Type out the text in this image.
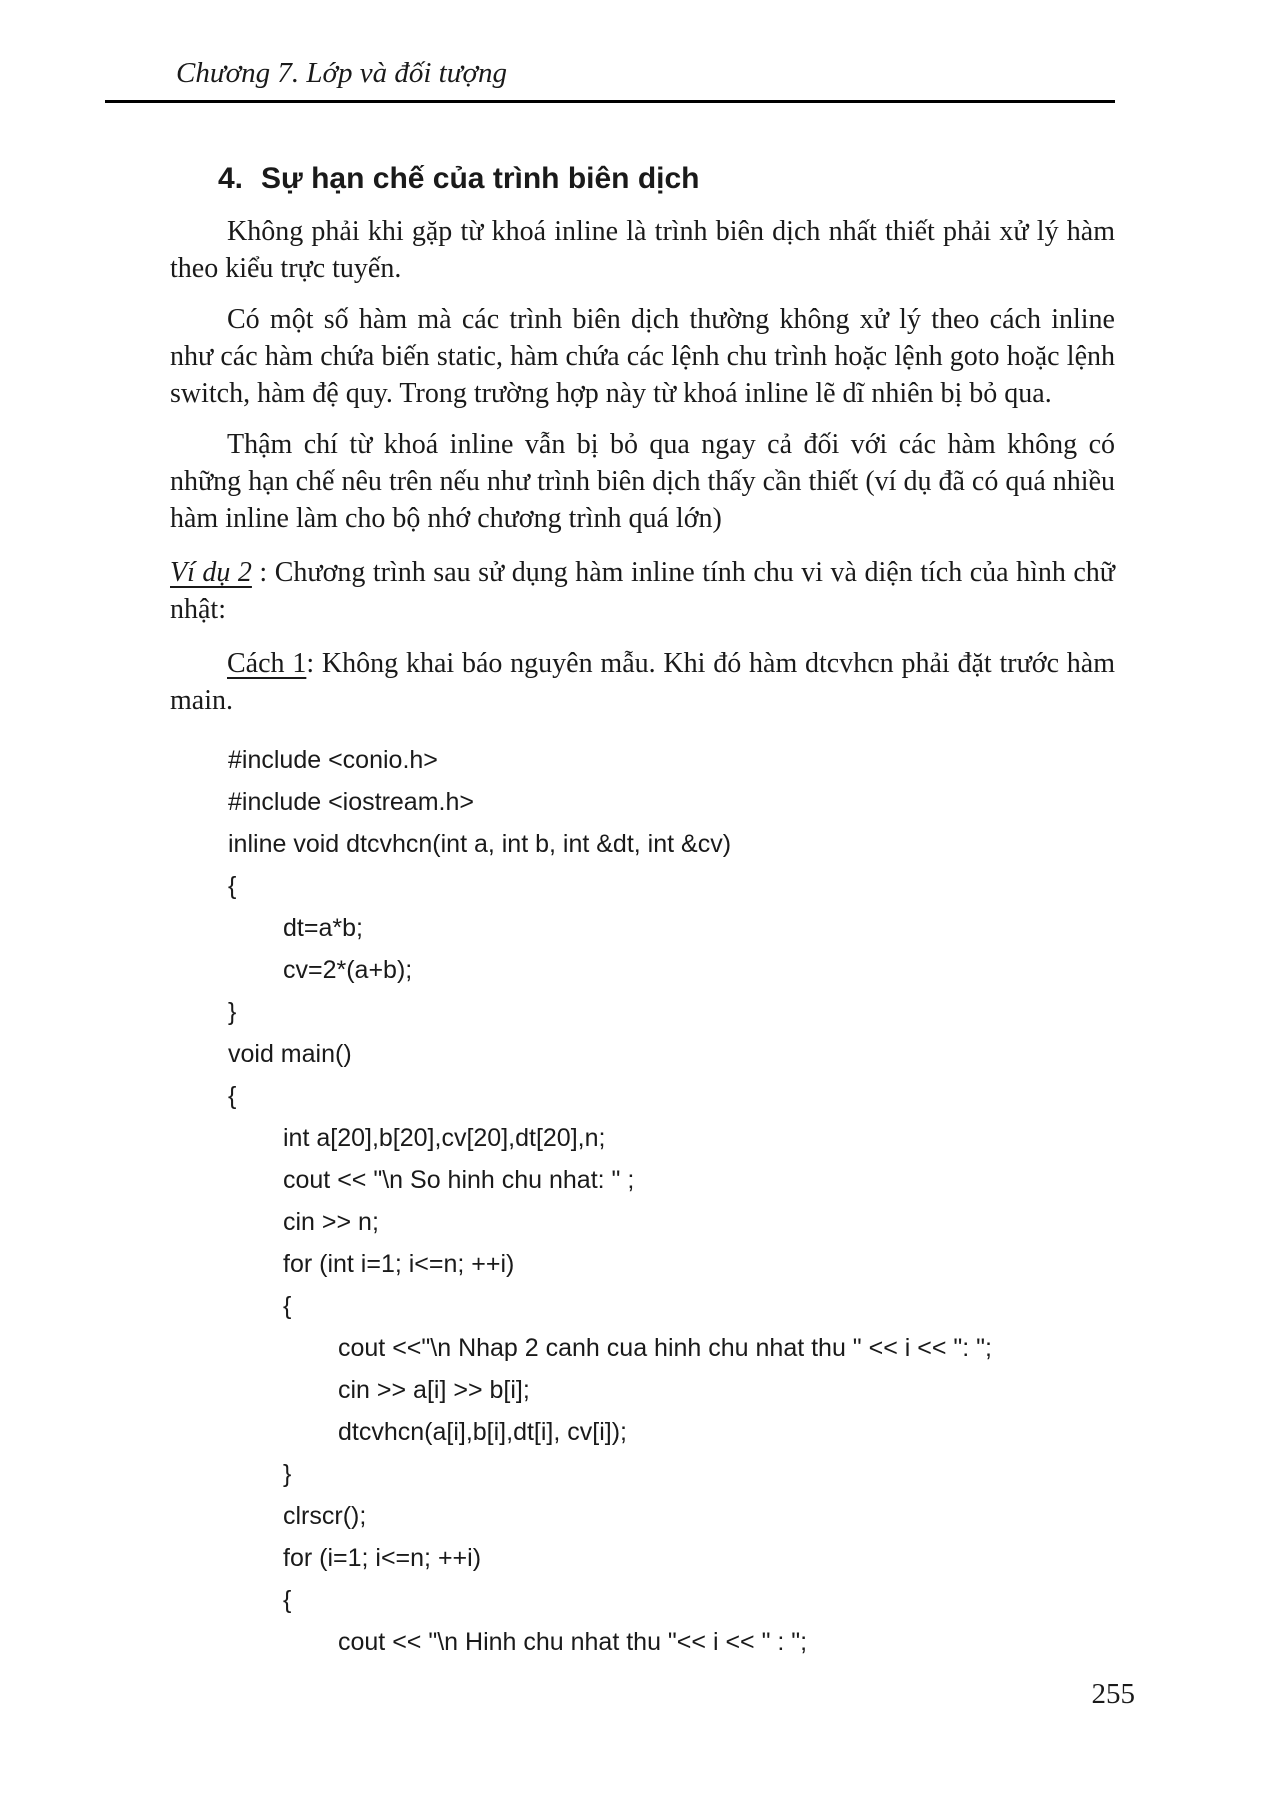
Chương 7. Lớp và đối tượng
4. Sự hạn chế của trình biên dịch

Không phải khi gặp từ khoá inline là trình biên dịch nhất thiết phải xử lý hàm theo kiểu trực tuyến.

Có một số hàm mà các trình biên dịch thường không xử lý theo cách inline như các hàm chứa biến static, hàm chứa các lệnh chu trình hoặc lệnh goto hoặc lệnh switch, hàm đệ quy. Trong trường hợp này từ khoá inline lẽ dĩ nhiên bị bỏ qua.

Thậm chí từ khoá inline vẫn bị bỏ qua ngay cả đối với các hàm không có những hạn chế nêu trên nếu như trình biên dịch thấy cần thiết (ví dụ đã có quá nhiều hàm inline làm cho bộ nhớ chương trình quá lớn)

Ví dụ 2 : Chương trình sau sử dụng hàm inline tính chu vi và diện tích của hình chữ nhật:

Cách 1: Không khai báo nguyên mẫu. Khi đó hàm dtcvhcn phải đặt trước hàm main.

#include <conio.h>
#include <iostream.h>
inline void dtcvhcn(int a, int b, int &dt, int &cv)
{
dt=a*b;
cv=2*(a+b);
}
void main()
{
int a[20],b[20],cv[20],dt[20],n;
cout << "\n So hinh chu nhat: " ;
cin >> n;
for (int i=1; i<=n; ++i)
{
cout <<"\n Nhap 2 canh cua hinh chu nhat thu " << i << ": ";
cin >> a[i] >> b[i];
dtcvhcn(a[i],b[i],dt[i], cv[i]);
}
clrscr();
for (i=1; i<=n; ++i)
{
cout << "\n Hinh chu nhat thu "<< i << " : ";
255
